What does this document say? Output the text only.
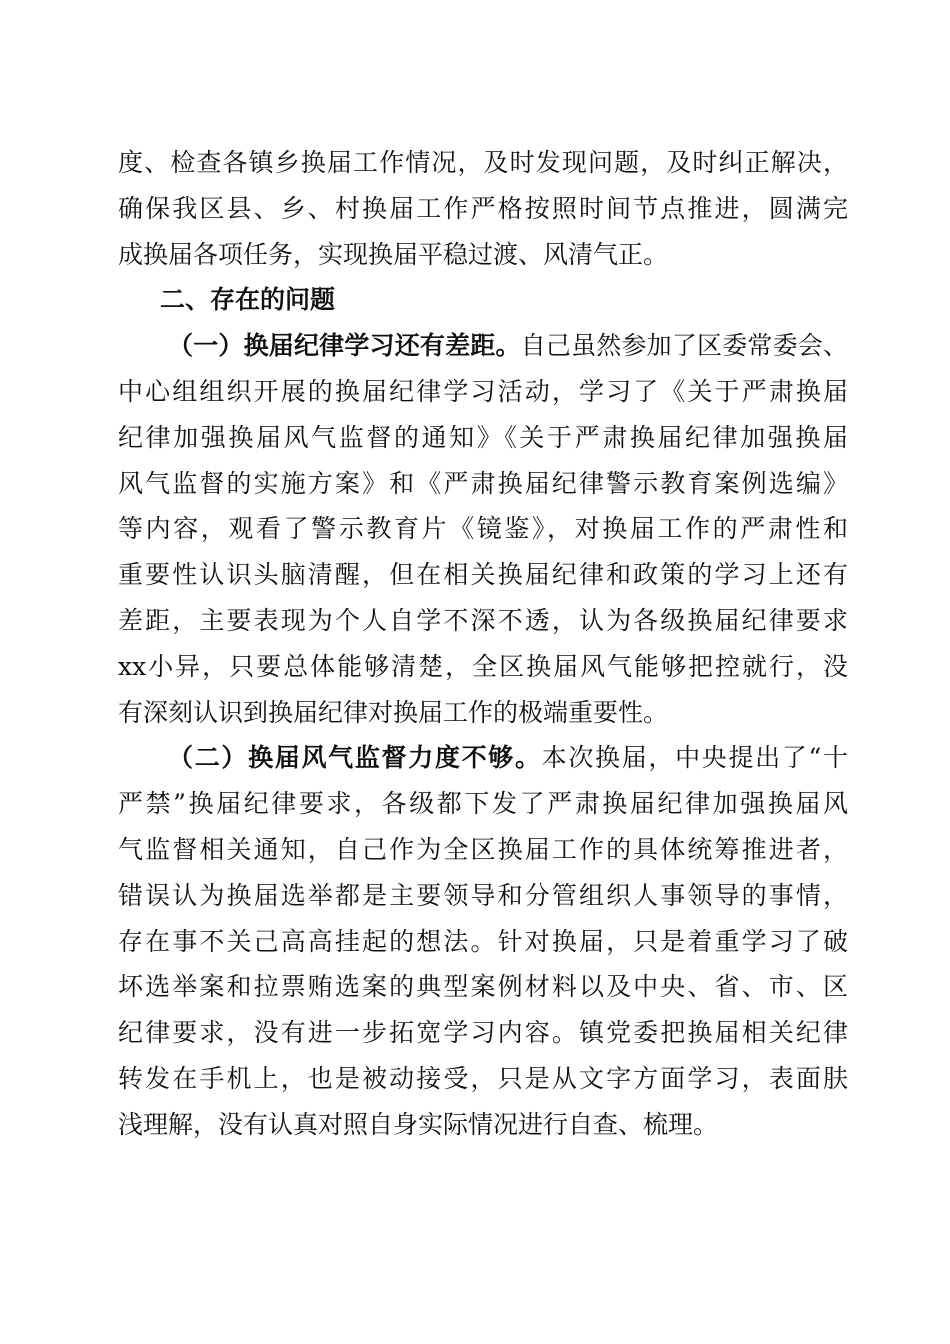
度、检查各镇乡换届工作情况，及时发现问题，及时纠正解决，
确保我区县、乡、村换届工作严格按照时间节点推进，圆满完
成换届各项任务，实现换届平稳过渡、风清气正。
二、存在的问题
（一）换届纪律学习还有差距。自己虽然参加了区委常委会、
中心组组织开展的换届纪律学习活动，学习了《关于严肃换届
纪律加强换届风气监督的通知》《关于严肃换届纪律加强换届
风气监督的实施方案》和《严肃换届纪律警示教育案例选编》
等内容，观看了警示教育片《镜鉴》，对换届工作的严肃性和
重要性认识头脑清醒，但在相关换届纪律和政策的学习上还有
差距，主要表现为个人自学不深不透，认为各级换届纪律要求
xx小异，只要总体能够清楚，全区换届风气能够把控就行，没
有深刻认识到换届纪律对换届工作的极端重要性。
（二）换届风气监督力度不够。本次换届，中央提出了“十
严禁”换届纪律要求，各级都下发了严肃换届纪律加强换届风
气监督相关通知，自己作为全区换届工作的具体统筹推进者，
错误认为换届选举都是主要领导和分管组织人事领导的事情，
存在事不关己高高挂起的想法。针对换届，只是着重学习了破
坏选举案和拉票贿选案的典型案例材料以及中央、省、市、区
纪律要求，没有进一步拓宽学习内容。镇党委把换届相关纪律
转发在手机上，也是被动接受，只是从文字方面学习，表面肤
浅理解，没有认真对照自身实际情况进行自查、梳理。
